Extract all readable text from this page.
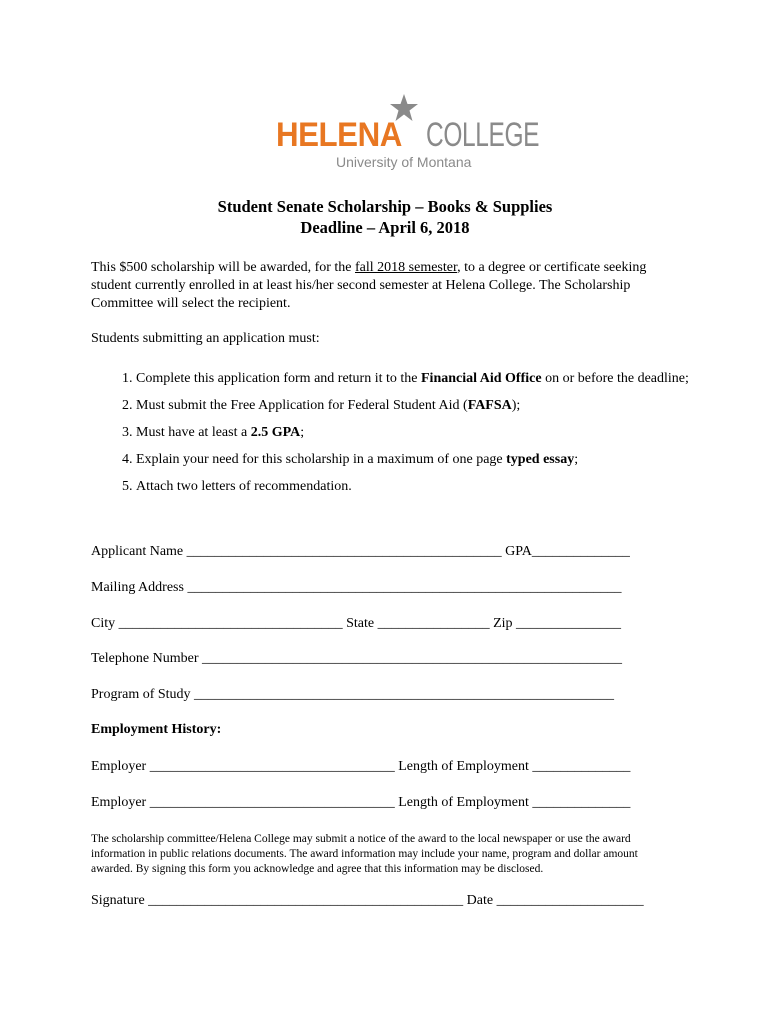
HELENA COLLEGE
University of Montana
Student Senate Scholarship – Books & Supplies
Deadline – April 6, 2018
This $500 scholarship will be awarded, for the fall 2018 semester, to a degree or certificate seeking student currently enrolled in at least his/her second semester at Helena College. The Scholarship Committee will select the recipient.
Students submitting an application must:
1. Complete this application form and return it to the Financial Aid Office on or before the deadline;
2. Must submit the Free Application for Federal Student Aid (FAFSA);
3. Must have at least a 2.5 GPA;
4. Explain your need for this scholarship in a maximum of one page typed essay;
5. Attach two letters of recommendation.
Applicant Name _____________________________________________ GPA______________
Mailing Address ______________________________________________________________
City ________________________________ State ________________ Zip _______________
Telephone Number ____________________________________________________________
Program of Study ____________________________________________________________
Employment History:
Employer ___________________________________ Length of Employment ______________
Employer ___________________________________ Length of Employment ______________
The scholarship committee/Helena College may submit a notice of the award to the local newspaper or use the award information in public relations documents. The award information may include your name, program and dollar amount awarded. By signing this form you acknowledge and agree that this information may be disclosed.
Signature _____________________________________________ Date _____________________
